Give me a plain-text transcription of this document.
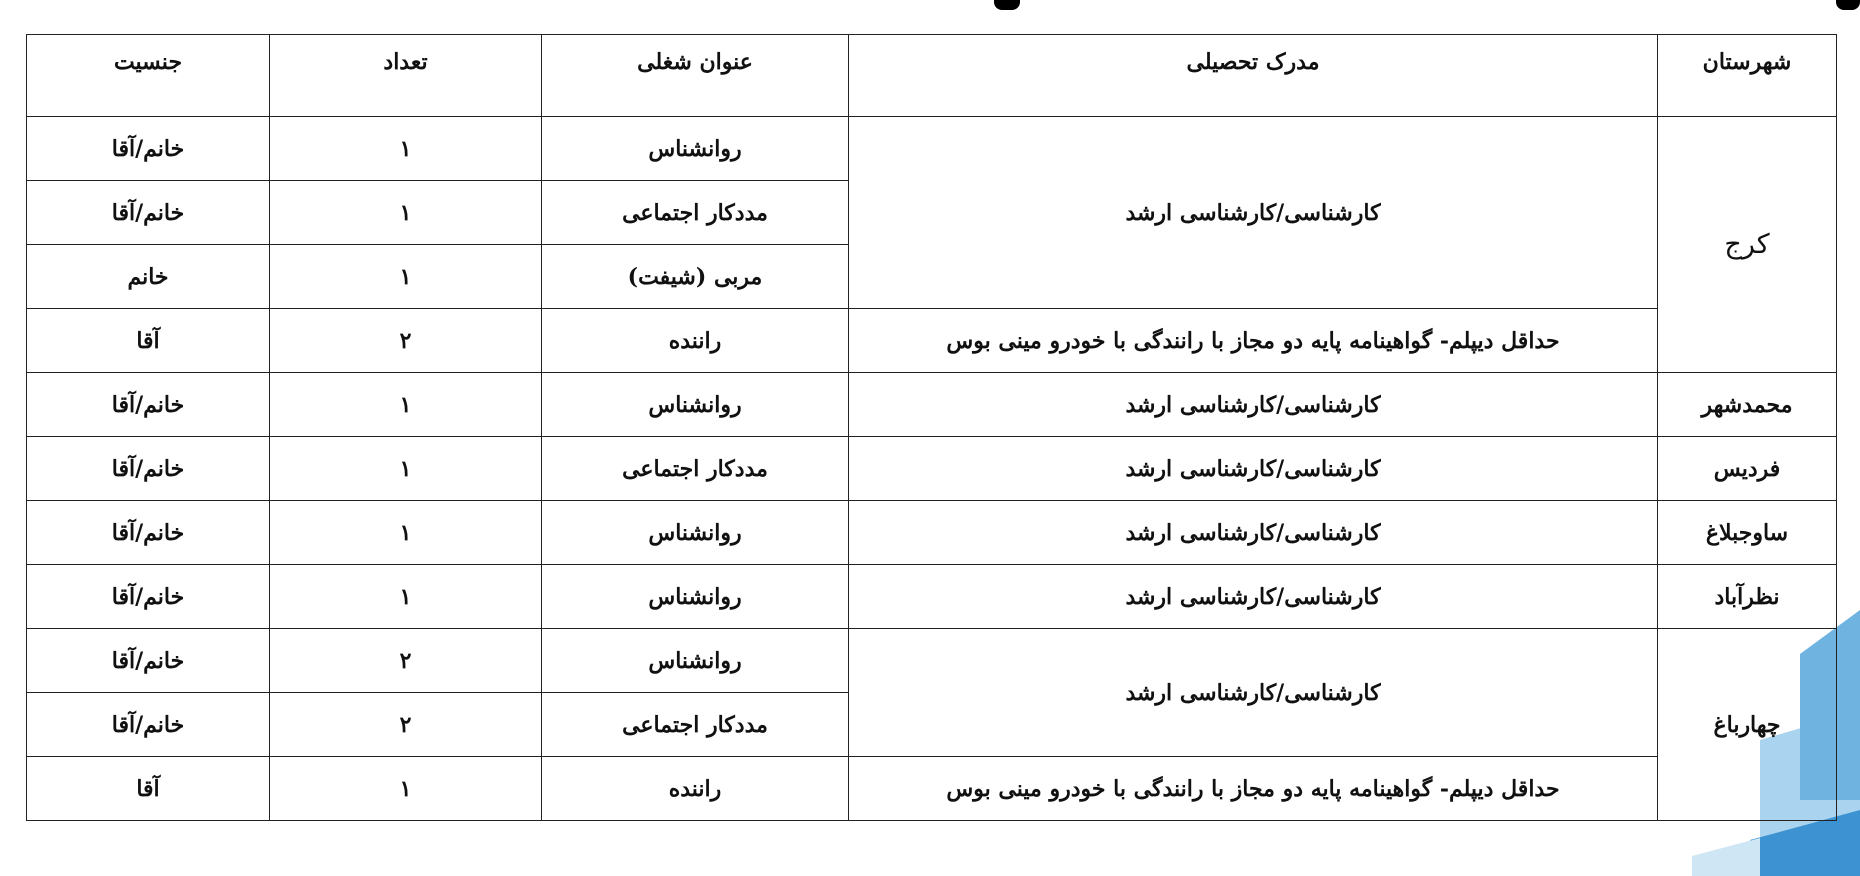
شهرستان	مدرک تحصیلی	عنوان شغلی	تعداد	جنسیت
کرج	کارشناسی/کارشناسی ارشد	روانشناس	۱	خانم/آقا
		مددکار اجتماعی	۱	خانم/آقا
		مربی (شیفت)	۱	خانم
	حداقل دیپلم- گواهینامه پایه دو مجاز با رانندگی با خودرو مینی بوس	راننده	۲	آقا
محمدشهر	کارشناسی/کارشناسی ارشد	روانشناس	۱	خانم/آقا
فردیس	کارشناسی/کارشناسی ارشد	مددکار اجتماعی	۱	خانم/آقا
ساوجبلاغ	کارشناسی/کارشناسی ارشد	روانشناس	۱	خانم/آقا
نظرآباد	کارشناسی/کارشناسی ارشد	روانشناس	۱	خانم/آقا
چهارباغ	کارشناسی/کارشناسی ارشد	روانشناس	۲	خانم/آقا
		مددکار اجتماعی	۲	خانم/آقا
	حداقل دیپلم- گواهینامه پایه دو مجاز با رانندگی با خودرو مینی بوس	راننده	۱	آقا
